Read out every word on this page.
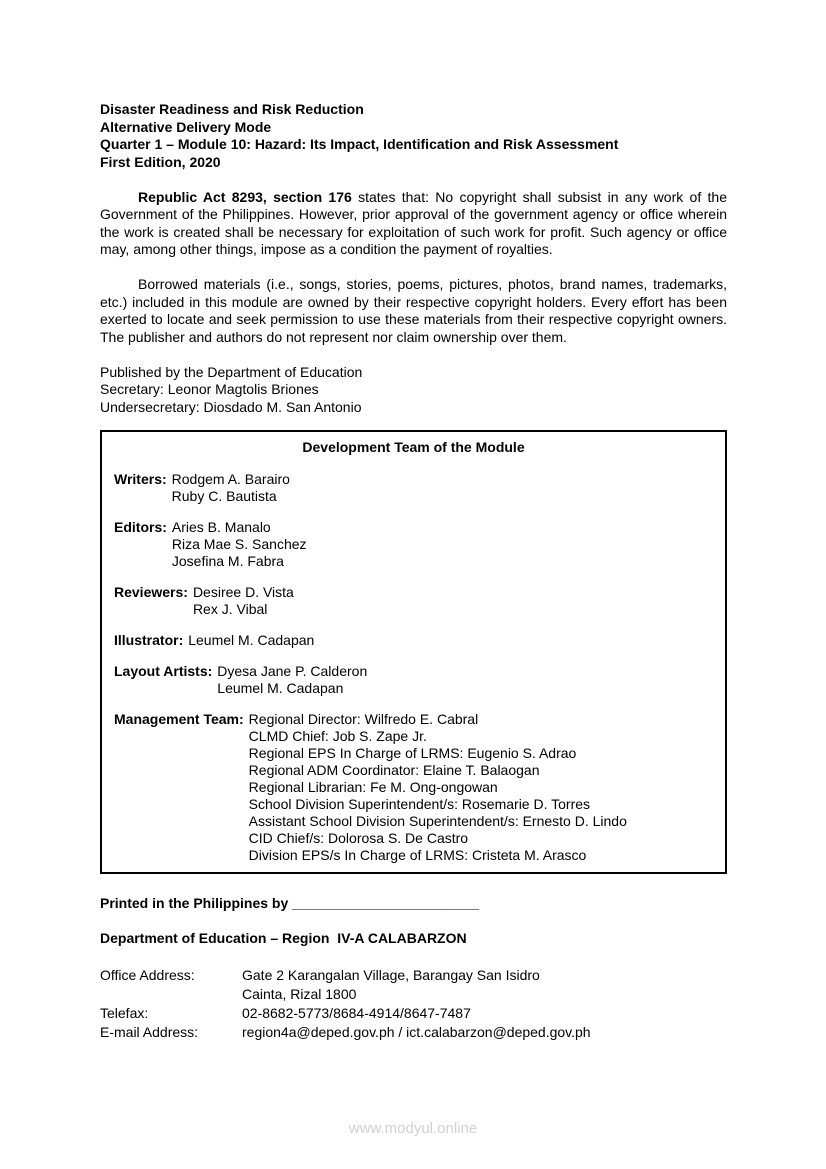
Disaster Readiness and Risk Reduction
Alternative Delivery Mode
Quarter 1 – Module 10: Hazard: Its Impact, Identification and Risk Assessment
First Edition, 2020

Republic Act 8293, section 176 states that: No copyright shall subsist in any work of the Government of the Philippines. However, prior approval of the government agency or office wherein the work is created shall be necessary for exploitation of such work for profit. Such agency or office may, among other things, impose as a condition the payment of royalties.

Borrowed materials (i.e., songs, stories, poems, pictures, photos, brand names, trademarks, etc.) included in this module are owned by their respective copyright holders. Every effort has been exerted to locate and seek permission to use these materials from their respective copyright owners. The publisher and authors do not represent nor claim ownership over them.

Published by the Department of Education
Secretary: Leonor Magtolis Briones
Undersecretary: Diosdado M. San Antonio
Development Team of the Module
Writers: Rodgem A. Barairo
Ruby C. Bautista
Editors: Aries B. Manalo
Riza Mae S. Sanchez
Josefina M. Fabra
Reviewers: Desiree D. Vista
Rex J. Vibal
Illustrator: Leumel M. Cadapan
Layout Artists: Dyesa Jane P. Calderon
Leumel M. Cadapan
Management Team: Regional Director: Wilfredo E. Cabral
CLMD Chief: Job S. Zape Jr.
Regional EPS In Charge of LRMS: Eugenio S. Adrao
Regional ADM Coordinator: Elaine T. Balaogan
Regional Librarian: Fe M. Ong-ongowan
School Division Superintendent/s: Rosemarie D. Torres
Assistant School Division Superintendent/s: Ernesto D. Lindo
CID Chief/s: Dolorosa S. De Castro
Division EPS/s In Charge of LRMS: Cristeta M. Arasco
Printed in the Philippines by ________________________
Department of Education – Region  IV-A CALABARZON
Office Address:	Gate 2 Karangalan Village, Barangay San Isidro
Cainta, Rizal 1800
Telefax:	02-8682-5773/8684-4914/8647-7487
E-mail Address:	region4a@deped.gov.ph / ict.calabarzon@deped.gov.ph
www.modyul.online
